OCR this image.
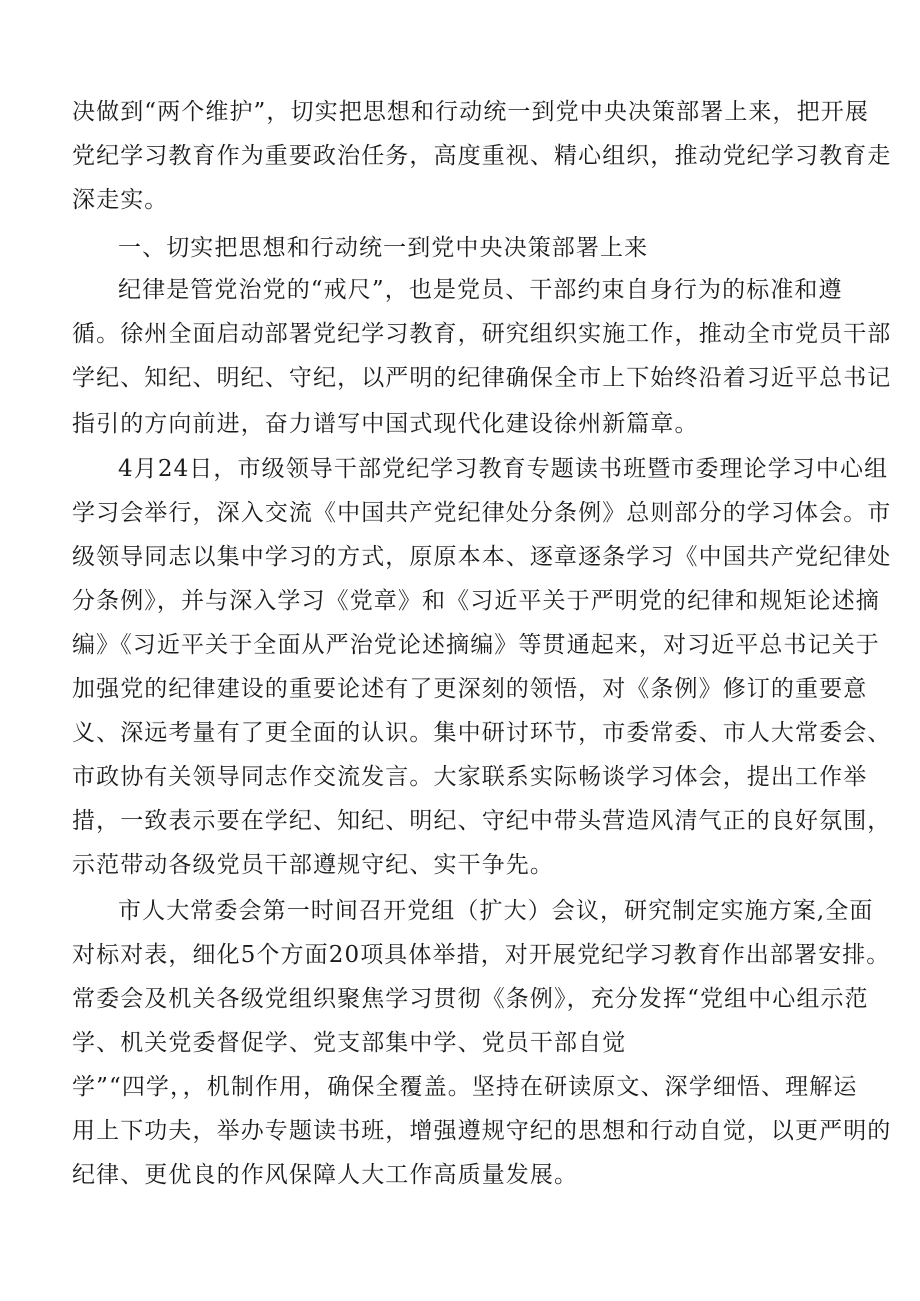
决做到“两个维护”，切实把思想和行动统一到党中央决策部署上来，把开展
党纪学习教育作为重要政治任务，高度重视、精心组织，推动党纪学习教育走
深走实。
一、切实把思想和行动统一到党中央决策部署上来
纪律是管党治党的“戒尺”，也是党员、干部约束自身行为的标准和遵
循。徐州全面启动部署党纪学习教育，研究组织实施工作，推动全市党员干部
学纪、知纪、明纪、守纪，以严明的纪律确保全市上下始终沿着习近平总书记
指引的方向前进，奋力谱写中国式现代化建设徐州新篇章。
4月24日，市级领导干部党纪学习教育专题读书班暨市委理论学习中心组
学习会举行，深入交流《中国共产党纪律处分条例》总则部分的学习体会。市
级领导同志以集中学习的方式，原原本本、逐章逐条学习《中国共产党纪律处
分条例》，并与深入学习《党章》和《习近平关于严明党的纪律和规矩论述摘
编》《习近平关于全面从严治党论述摘编》等贯通起来，对习近平总书记关于
加强党的纪律建设的重要论述有了更深刻的领悟，对《条例》修订的重要意
义、深远考量有了更全面的认识。集中研讨环节，市委常委、市人大常委会、
市政协有关领导同志作交流发言。大家联系实际畅谈学习体会，提出工作举
措，一致表示要在学纪、知纪、明纪、守纪中带头营造风清气正的良好氛围，
示范带动各级党员干部遵规守纪、实干争先。
市人大常委会第一时间召开党组（扩大）会议，研究制定实施方案,全面
对标对表，细化5个方面20项具体举措，对开展党纪学习教育作出部署安排。
常委会及机关各级党组织聚焦学习贯彻《条例》，充分发挥“党组中心组示范
学、机关党委督促学、党支部集中学、党员干部自觉
学”“四学，，机制作用，确保全覆盖。坚持在研读原文、深学细悟、理解运
用上下功夫，举办专题读书班，增强遵规守纪的思想和行动自觉，以更严明的
纪律、更优良的作风保障人大工作高质量发展。
